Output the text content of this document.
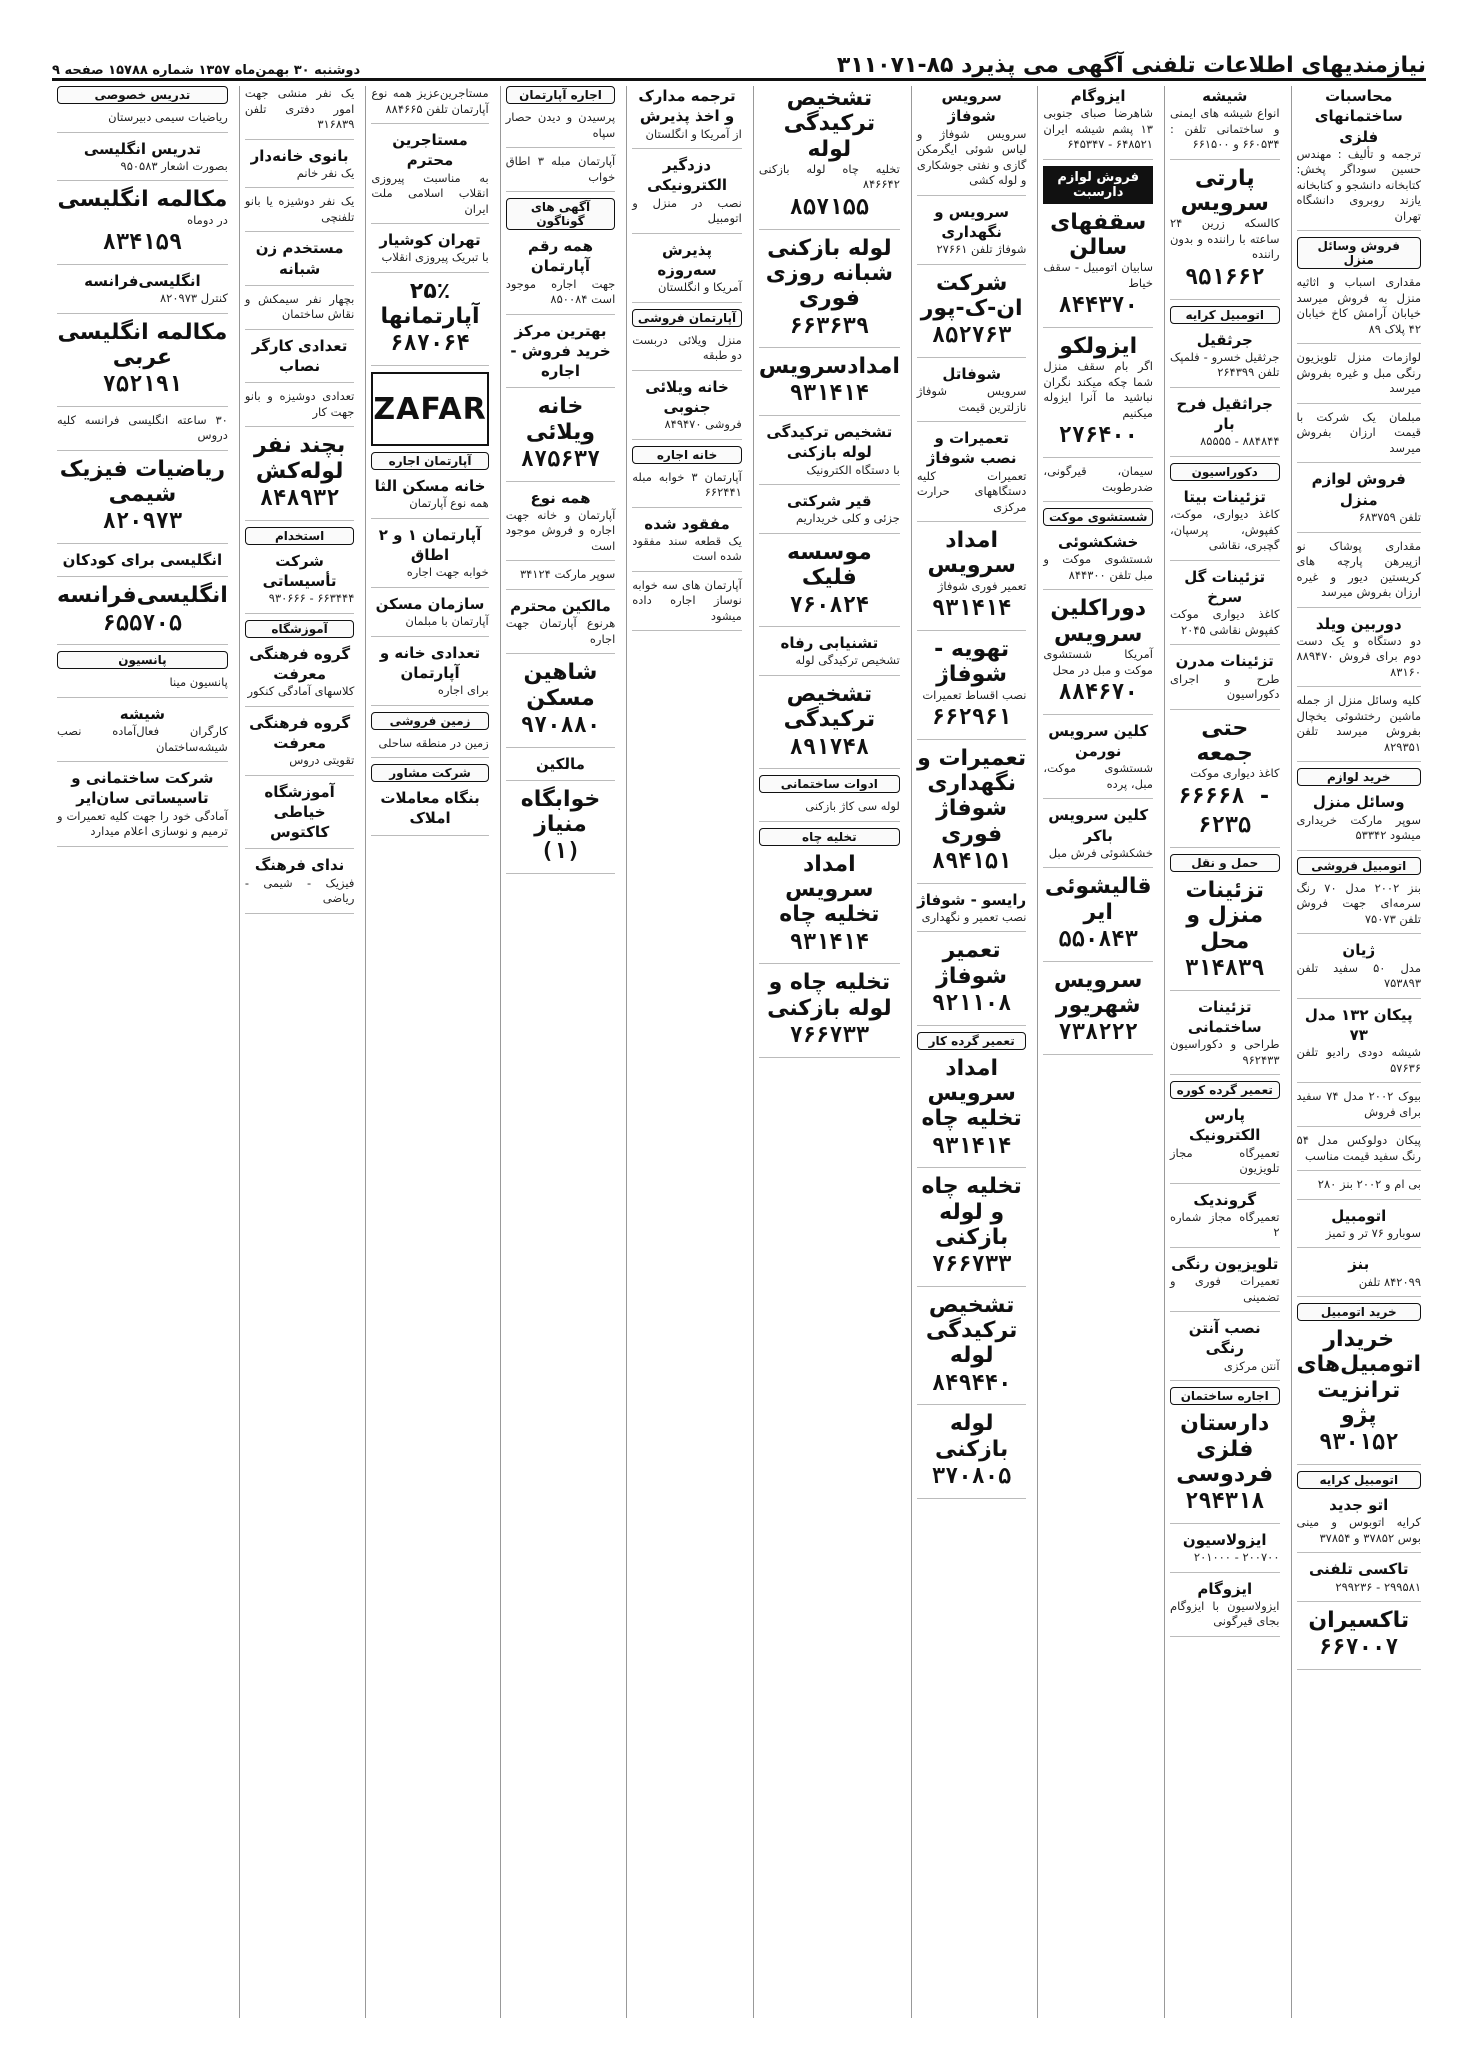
نیازمندیهای اطلاعات تلفنی آگهی می پذیرد ۸۵-۳۱۱۰۷۱
دوشنبه ۳۰ بهمن‌ماه ۱۳۵۷ شماره ۱۵۷۸۸ صفحه ۹
محاسبات ساختمانهای فلزی
ترجمه و تألیف : مهندس حسین سوداگر پخش: کتابخانه دانشجو و کتابخانه یازند روبروی دانشگاه تهران
فروش وسائل منزل
مقداری اسباب و اثاثیه منزل به فروش میرسد خیابان آرامش کاخ خیابان ۴۲ پلاک ۸۹
لوازمات منزل تلویزیون رنگی مبل و غیره بفروش میرسد
مبلمان یک شرکت با قیمت ارزان بفروش میرسد
فروش لوازم منزل
تلفن ۶۸۳۷۵۹
مقداری پوشاک نو ازپیرهن پارچه های کریستین دیور و غیره ارزان بفروش میرسد
دوربین ویلد
دو دستگاه و یک دست دوم برای فروش ۸۸۹۴۷۰ ۸۳۱۶۰
کلیه وسائل منزل از جمله ماشین رختشوئی یخچال بفروش میرسد تلفن ۸۲۹۳۵۱
خرید لوازم
وسائل منزل
سوپر مارکت خریداری میشود ۵۳۳۴۲
اتومبیل فروشی
بنز ۲۰۰۲ مدل ۷۰ رنگ سرمه‌ای جهت فروش تلفن ۷۵۰۷۳
ژیان
مدل ۵۰ سفید تلفن ۷۵۳۸۹۳
پیکان ۱۳۲ مدل ۷۳
شیشه دودی رادیو تلفن ۵۷۶۳۶
بیوک ۲۰۰۲ مدل ۷۴ سفید برای فروش
پیکان دولوکس مدل ۵۴ رنگ سفید قیمت مناسب
بی ام و ۲۰۰۲ بنز ۲۸۰
اتومبیل
سوبارو ۷۶ تر و تمیز
بنز
۸۴۲۰۹۹ تلفن
خرید اتومبیل
خریدار اتومبیل‌های ترانزیت پژو
۹۳۰۱۵۲
اتومبیل کرایه
اتو جدید
کرایه اتوبوس و مینی بوس ۳۷۸۵۲ و ۳۷۸۵۴
تاکسی تلفنی
۲۹۹۵۸۱ - ۲۹۹۲۳۶
تاکسیران
۶۶۷۰۰۷
شیشه
انواع شیشه های ایمنی و ساختمانی تلفن : ۶۶۰۵۳۴ و ۶۶۱۵۰۰
پارتی سرویس
کالسکه زرین ۲۴ ساعته با راننده و بدون راننده
۹۵۱۶۶۲
اتومبیل کرایه
جرثقیل
جرثقیل خسرو - فلمپک تلفن ۲۶۴۳۹۹
جراثقیل فرح بار
۸۸۴۸۴۴ - ۸۵۵۵۵
دکوراسیون
تزئینات بیتا
کاغذ دیواری، موکت، کفپوش، پرسپان، گچبری، نقاشی
تزئینات گل سرخ
کاغذ دیواری موکت کفپوش نقاشی ۲۰۴۵
تزئینات مدرن
طرح و اجرای دکوراسیون
حتی جمعه
کاغذ دیواری موکت
۶۶۶۶۸ - ۶۲۳۵
حمل و نقل
تزئینات منزل و محل
۳۱۴۸۳۹
تزئینات ساختمانی
طراحی و دکوراسیون ۹۶۲۴۳۳
تعمیر گرده کوره
پارس الکترونیک
تعمیرگاه مجاز تلویزیون
گروندیک
تعمیرگاه مجاز شماره ۲
تلویزیون رنگی
تعمیرات فوری و تضمینی
نصب آنتن رنگی
آنتن مرکزی
اجاره ساختمان
دارستان فلزی فردوسی
۲۹۴۳۱۸
ایزولاسیون
۲۰۰۷۰۰ - ۲۰۱۰۰۰
ایزوگام
ایزولاسیون با ایزوگام بجای قیرگونی
ایزوگام
شاهرضا صبای جنوبی ۱۳ پشم شیشه ایران ۶۴۸۵۲۱ - ۶۴۵۳۴۷
فروش لوازم دارسبت
سقفهای سالن
سابیان اتومبیل - سقف خیاط
۸۴۴۳۷۰
ایزولکو
اگر بام سقف منزل شما چکه میکند نگران نباشید ما آنرا ایزوله میکنیم
۲۷۶۴۰۰
سیمان، قیرگونی، ضدرطوبت
شستشوی موکت
خشکشوئی
شستشوی موکت و مبل تلفن ۸۴۴۳۰۰
دوراکلین سرویس
آمریکا شستشوی موکت و مبل در محل
۸۸۴۶۷۰
کلین سرویس نورمن
شستشوی موکت، مبل، پرده
کلین سرویس باکر
خشکشوئی فرش مبل
قالیشوئی ایر
۵۵۰۸۴۳
سرویس شهریور
۷۳۸۲۲۲
سرویس شوفاژ
سرویس شوفاژ و لیاس شوئی ایگرمکن گازی و نفتی جوشکاری و لوله کشی
سرویس و نگهداری
شوفاژ تلفن ۲۷۶۶۱
شرکت ان-ک-پور
۸۵۲۷۶۳
شوفاتل
سرویس شوفاژ نازلترین قیمت
تعمیرات و نصب شوفاژ
تعمیرات کلیه دستگاههای حرارت مرکزی
امداد سرویس
تعمیر فوری شوفاژ
۹۳۱۴۱۴
تهویه - شوفاژ
نصب اقساط تعمیرات
۶۶۲۹۶۱
تعمیرات و نگهداری شوفاژ فوری
۸۹۴۱۵۱
رایسو - شوفاژ
نصب تعمیر و نگهداری
تعمیر شوفاژ
۹۲۱۱۰۸
تعمیر گرده کار
امداد سرویس تخلیه چاه
۹۳۱۴۱۴
تخلیه چاه و لوله بازکنی
۷۶۶۷۳۳
تشخیص ترکیدگی لوله
۸۴۹۴۴۰
لوله بازکنی
۳۷۰۸۰۵
تشخیص ترکیدگی لوله
تخلیه چاه لوله بازکنی ۸۴۶۶۴۲
۸۵۷۱۵۵
لوله بازکنی شبانه روزی فوری
۶۶۳۶۳۹
امدادسرویس
۹۳۱۴۱۴
تشخیص ترکیدگی لوله بازکنی
با دستگاه الکترونیک
قیر شرکتی
جزئی و کلی خریداریم
موسسه فلیک
۷۶۰۸۲۴
تشنیابی رفاه
تشخیص ترکیدگی لوله
تشخیص ترکیدگی
۸۹۱۷۴۸
ادوات ساختمانی
لوله سی کاژ بازکنی
تخلیه چاه
امداد سرویس تخلیه چاه
۹۳۱۴۱۴
تخلیه چاه و لوله بازکنی
۷۶۶۷۳۳
ترجمه مدارک و اخذ پذیرش
از آمریکا و انگلستان
دزدگیر الکترونیکی
نصب در منزل و اتومبیل
پذیرش سه‌روزه
آمریکا و انگلستان
آپارتمان فروشی
منزل ویلائی دربست دو طبقه
خانه ویلائی جنوبی
فروشی ۸۴۹۴۷۰
خانه اجاره
آپارتمان ۳ خوابه مبله ۶۶۲۴۴۱
مفقود شده
یک قطعه سند مفقود شده است
آپارتمان های سه خوابه نوساز اجاره داده میشود
اجاره آپارتمان
پرسیدن و دیدن حصار سپاه
آپارتمان مبله ۳ اطاق خواب
آگهی های گوناگون
همه رقم آپارتمان
جهت اجاره موجود است ۸۵۰۰۸۴
بهترین مرکز خرید فروش - اجاره
خانه ویلائی
۸۷۵۶۳۷
همه نوع
آپارتمان و خانه جهت اجاره و فروش موجود است
سوپر مارکت ۳۴۱۲۴
مالکین محترم
هرنوع آپارتمان جهت اجاره
شاهین مسکن
۹۷۰۸۸۰
مالکین
خوابگاه منیاز
(۱)
مستاجرین‌عزیز همه نوع آپارتمان تلفن ۸۸۴۶۶۵
مستاجرین محترم
به مناسبت پیروزی انقلاب اسلامی ملت ایران
تهران کوشیار
با تبریک پیروزی انقلاب
۲۵٪ آپارتمانها
۶۸۷۰۶۴
ZAFAR
آپارتمان اجاره
خانه مسکن الثا
همه نوع آپارتمان
آپارتمان ۱ و ۲ اطاق
خوابه جهت اجاره
سازمان مسکن
آپارتمان با مبلمان
تعدادی خانه و آپارتمان
برای اجاره
زمین فروشی
زمین در منطقه ساحلی
شرکت مشاور
بنگاه معاملات املاک
یک نفر منشی جهت امور دفتری تلفن ۳۱۶۸۳۹
بانوی خانه‌دار
یک نفر خانم
یک نفر دوشیزه یا بانو تلفنچی
مستخدم زن شبانه
بچهار نفر سیمکش و نقاش ساختمان
تعدادی کارگر نصاب
تعدادی دوشیزه و بانو جهت کار
بچند نفر لوله‌کش
۸۴۸۹۳۲
استخدام
شرکت تأسیساتی
۶۶۳۴۴۴ - ۹۳۰۶۶۶
آموزشگاه
گروه فرهنگی معرفت
کلاسهای آمادگی کنکور
گروه فرهنگی معرفت
تقویتی دروس
آموزشگاه خیاطی کاکتوس
ندای فرهنگ
فیزیک - شیمی - ریاضی
تدریس خصوصی
ریاضیات سیمی دبیرستان
تدریس انگلیسی
بصورت اشعار ۹۵۰۵۸۳
مکالمه انگلیسی
در دوماه
۸۳۴۱۵۹
انگلیسی‌فرانسه
کنترل ۸۲۰۹۷۳
مکالمه انگلیسی عربی
۷۵۲۱۹۱
۳۰ ساعته انگلیسی فرانسه کلیه دروس
ریاضیات فیزیک شیمی
۸۲۰۹۷۳
انگلیسی برای کودکان
انگلیسی‌فرانسه
۶۵۵۷۰۵
پانسیون
پانسیون مینا
شیشه
کارگران فعال‌آماده نصب شیشه‌ساختمان
شرکت ساختمانی و تاسیساتی سان‌ایر
آمادگی خود را جهت کلیه تعمیرات و ترمیم و نوسازی اعلام میدارد
